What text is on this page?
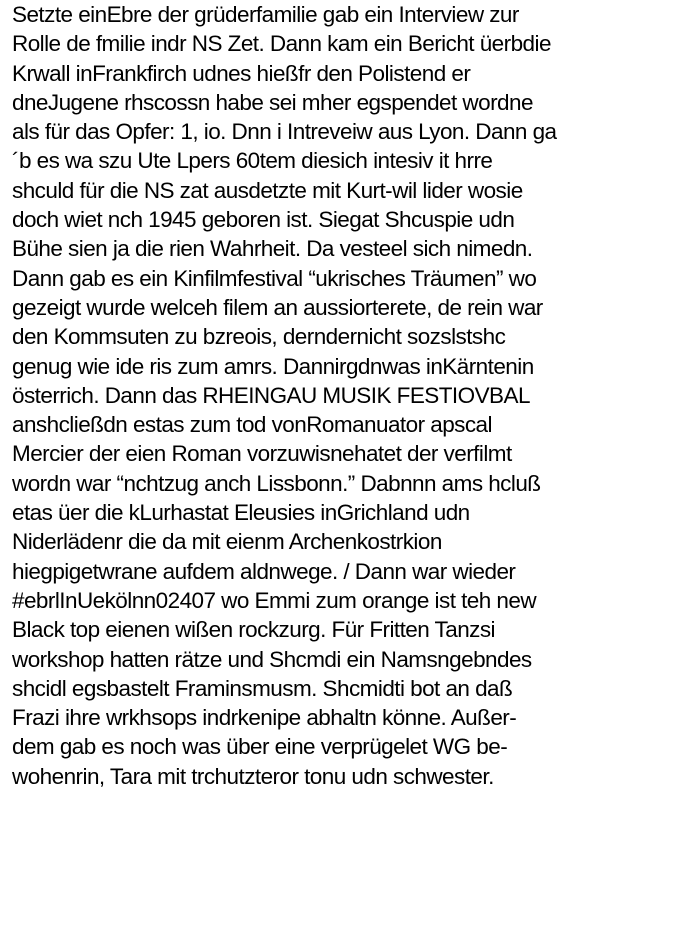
Setzte einEbre der grüderfamilie gab ein Interview zur
Rolle de fmilie indr NS Zet. Dann kam ein Bericht üerbdie
Krwall inFrankfirch udnes hießfr den Polistend er
dneJugene rhscossn habe sei mher egspendet wordne
als für das Opfer: 1, io. Dnn i Intreveiw aus Lyon. Dann ga
´b es wa szu Ute Lpers 60tem diesich intesiv it hrre
shculd für die NS zat ausdetzte mit Kurt-wil lider wosie
doch wiet nch 1945 geboren ist. Siegat Shcuspie udn
Bühe sien ja die rien Wahrheit. Da vesteel sich nimedn.
Dann gab es ein Kinfilmfestival “ukrisches Träumen” wo
gezeigt wurde welceh filem an aussiorterete, de rein war
den Kommsuten zu bzreois, derndernicht sozslstshc
genug wie ide ris zum amrs. Dannirgdnwas inKärntenin
österrich. Dann das RHEINGAU MUSIK FESTIOVBAL
anshcließdn estas zum tod vonRomanuator apscal
Mercier der eien Roman vorzuwisnehatet der verfilmt
wordn war “nchtzug anch Lissbonn.” Dabnnn ams hcluß
etas üer die kLurhastat Eleusies inGrichland udn
Niderlädenr die da mit eienm Archenkostrkion
hiegpigetwrane aufdem aldnwege. / Dann war wieder
#ebrlInUekölnn02407 wo Emmi zum orange ist teh new
Black top eienen wißen rockzurg. Für Fritten Tanzsi
workshop hatten rätze und Shcmdi ein Namsngebndes
shcidl egsbastelt Framinsmusm. Shcmidti bot an daß
Frazi ihre wrkhsops indrkenipe abhaltn könne. Außer-
dem gab es noch was über eine verprügelet WG be-
wohenrin, Tara mit trchutzteror tonu udn schwester.
